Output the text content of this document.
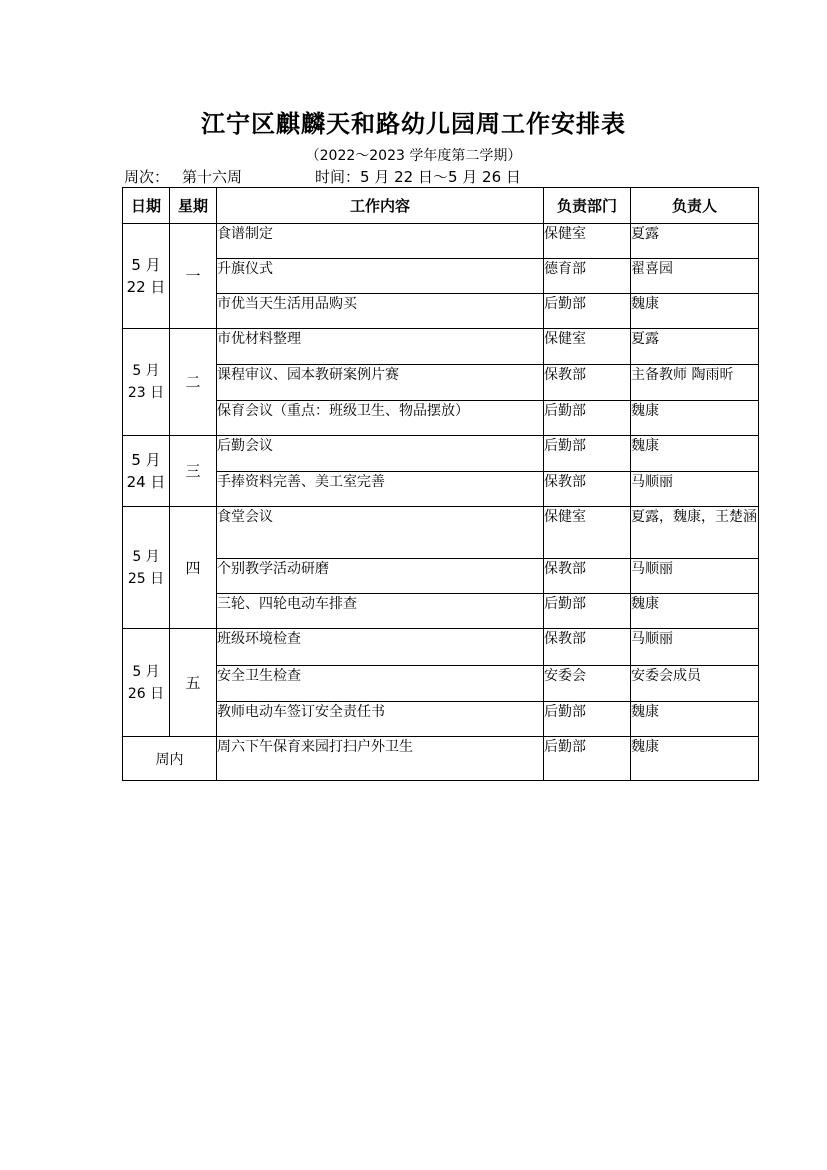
江宁区麒麟天和路幼儿园周工作安排表
（2022～2023 学年度第二学期）
周次： 第十六周	时间：5 月 22 日～5 月 26 日
日期	星期	工作内容	负责部门	负责人

5 月
22 日	一	食谱制定	保健室	夏露
		升旗仪式	德育部	翟喜园
		市优当天生活用品购买	后勤部	魏康

5 月
23 日	二	市优材料整理	保健室	夏露
		课程审议、园本教研案例片赛	保教部	主备教师 陶雨昕
		保育会议（重点：班级卫生、物品摆放）	后勤部	魏康

5 月
24 日	三	后勤会议	后勤部	魏康
		手捧资料完善、美工室完善	保教部	马顺丽

5 月
25 日	四	食堂会议	保健室	夏露，魏康，王楚涵
		个别教学活动研磨	保教部	马顺丽
		三轮、四轮电动车排查	后勤部	魏康

5 月
26 日	五	班级环境检查	保教部	马顺丽
		安全卫生检查	安委会	安委会成员
		教师电动车签订安全责任书	后勤部	魏康
周内		周六下午保育来园打扫户外卫生	后勤部	魏康
